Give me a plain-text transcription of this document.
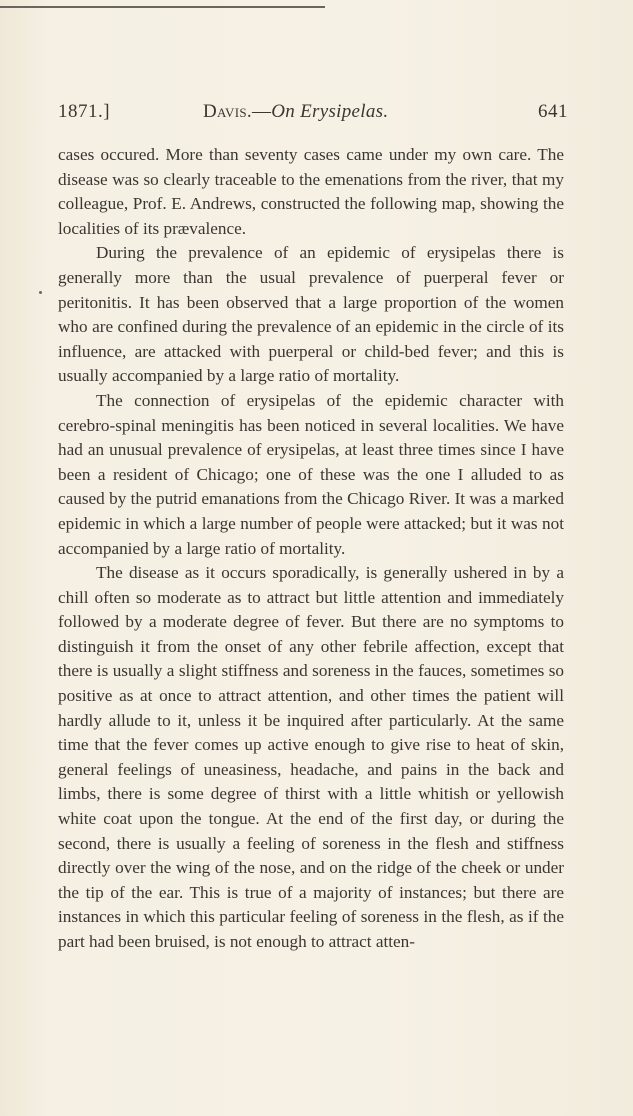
1871.]	Davis.—On Erysipelas.	641

cases occured. More than seventy cases came under my own care. The disease was so clearly traceable to the emenations from the river, that my colleague, Prof. E. Andrews, constructed the following map, showing the localities of its prævalence.

During the prevalence of an epidemic of erysipelas there is generally more than the usual prevalence of puerperal fever or peritonitis. It has been observed that a large proportion of the women who are confined during the prevalence of an epidemic in the circle of its influence, are attacked with puerperal or child-bed fever; and this is usually accompanied by a large ratio of mortality.

The connection of erysipelas of the epidemic character with cerebro-spinal meningitis has been noticed in several localities. We have had an unusual prevalence of erysipelas, at least three times since I have been a resident of Chicago; one of these was the one I alluded to as caused by the putrid emanations from the Chicago River. It was a marked epidemic in which a large number of people were attacked; but it was not accompanied by a large ratio of mortality.

The disease as it occurs sporadically, is generally ushered in by a chill often so moderate as to attract but little attention and immediately followed by a moderate degree of fever. But there are no symptoms to distinguish it from the onset of any other febrile affection, except that there is usually a slight stiffness and soreness in the fauces, sometimes so positive as at once to attract attention, and other times the patient will hardly allude to it, unless it be inquired after particularly. At the same time that the fever comes up active enough to give rise to heat of skin, general feelings of uneasiness, headache, and pains in the back and limbs, there is some degree of thirst with a little whitish or yellowish white coat upon the tongue. At the end of the first day, or during the second, there is usually a feeling of soreness in the flesh and stiffness directly over the wing of the nose, and on the ridge of the cheek or under the tip of the ear. This is true of a majority of instances; but there are instances in which this particular feeling of soreness in the flesh, as if the part had been bruised, is not enough to attract atten-
